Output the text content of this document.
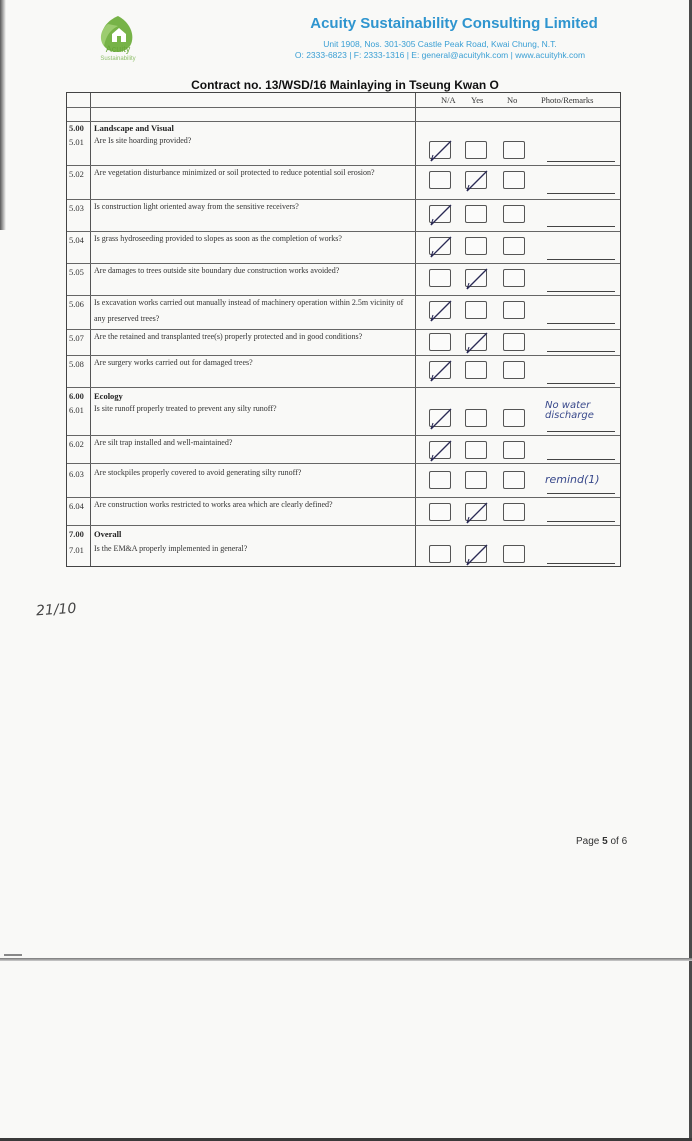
Acuity
Sustainability
Acuity Sustainability Consulting Limited
Unit 1908, Nos. 301-305 Castle Peak Road, Kwai Chung, N.T.
O: 2333-6823 | F: 2333-1316 | E: general@acuityhk.com | www.acuityhk.com
Contract no. 13/WSD/16 Mainlaying in Tseung Kwan O
N/A Yes	No	Photo/Remarks
5.00 Landscape and Visual
5.01 Are Is site hoarding provided?
5.02 Are vegetation disturbance minimized or soil protected to reduce potential soil erosion?
5.03 Is construction light oriented away from the sensitive receivers?
5.04 Is grass hydroseeding provided to slopes as soon as the completion of works?
5.05 Are damages to trees outside site boundary due construction works avoided?
5.06 Is excavation works carried out manually instead of machinery operation within 2.5m vicinity of
any preserved trees?
5.07 Are the retained and transplanted tree(s) properly protected and in good conditions?
5.08 Are surgery works carried out for damaged trees?
6.00 Ecology
6.01 Is site runoff properly treated to prevent any silty runoff?
6.02 Are silt trap installed and well-maintained?
6.03 Are stockpiles properly covered to avoid generating silty runoff?
6.04 Are construction works restricted to works area which are clearly defined?
7.00 Overall
7.01 Is the EM&A properly implemented in general?
No water discharge
remind(1)
21/10
Page 5 of 6
